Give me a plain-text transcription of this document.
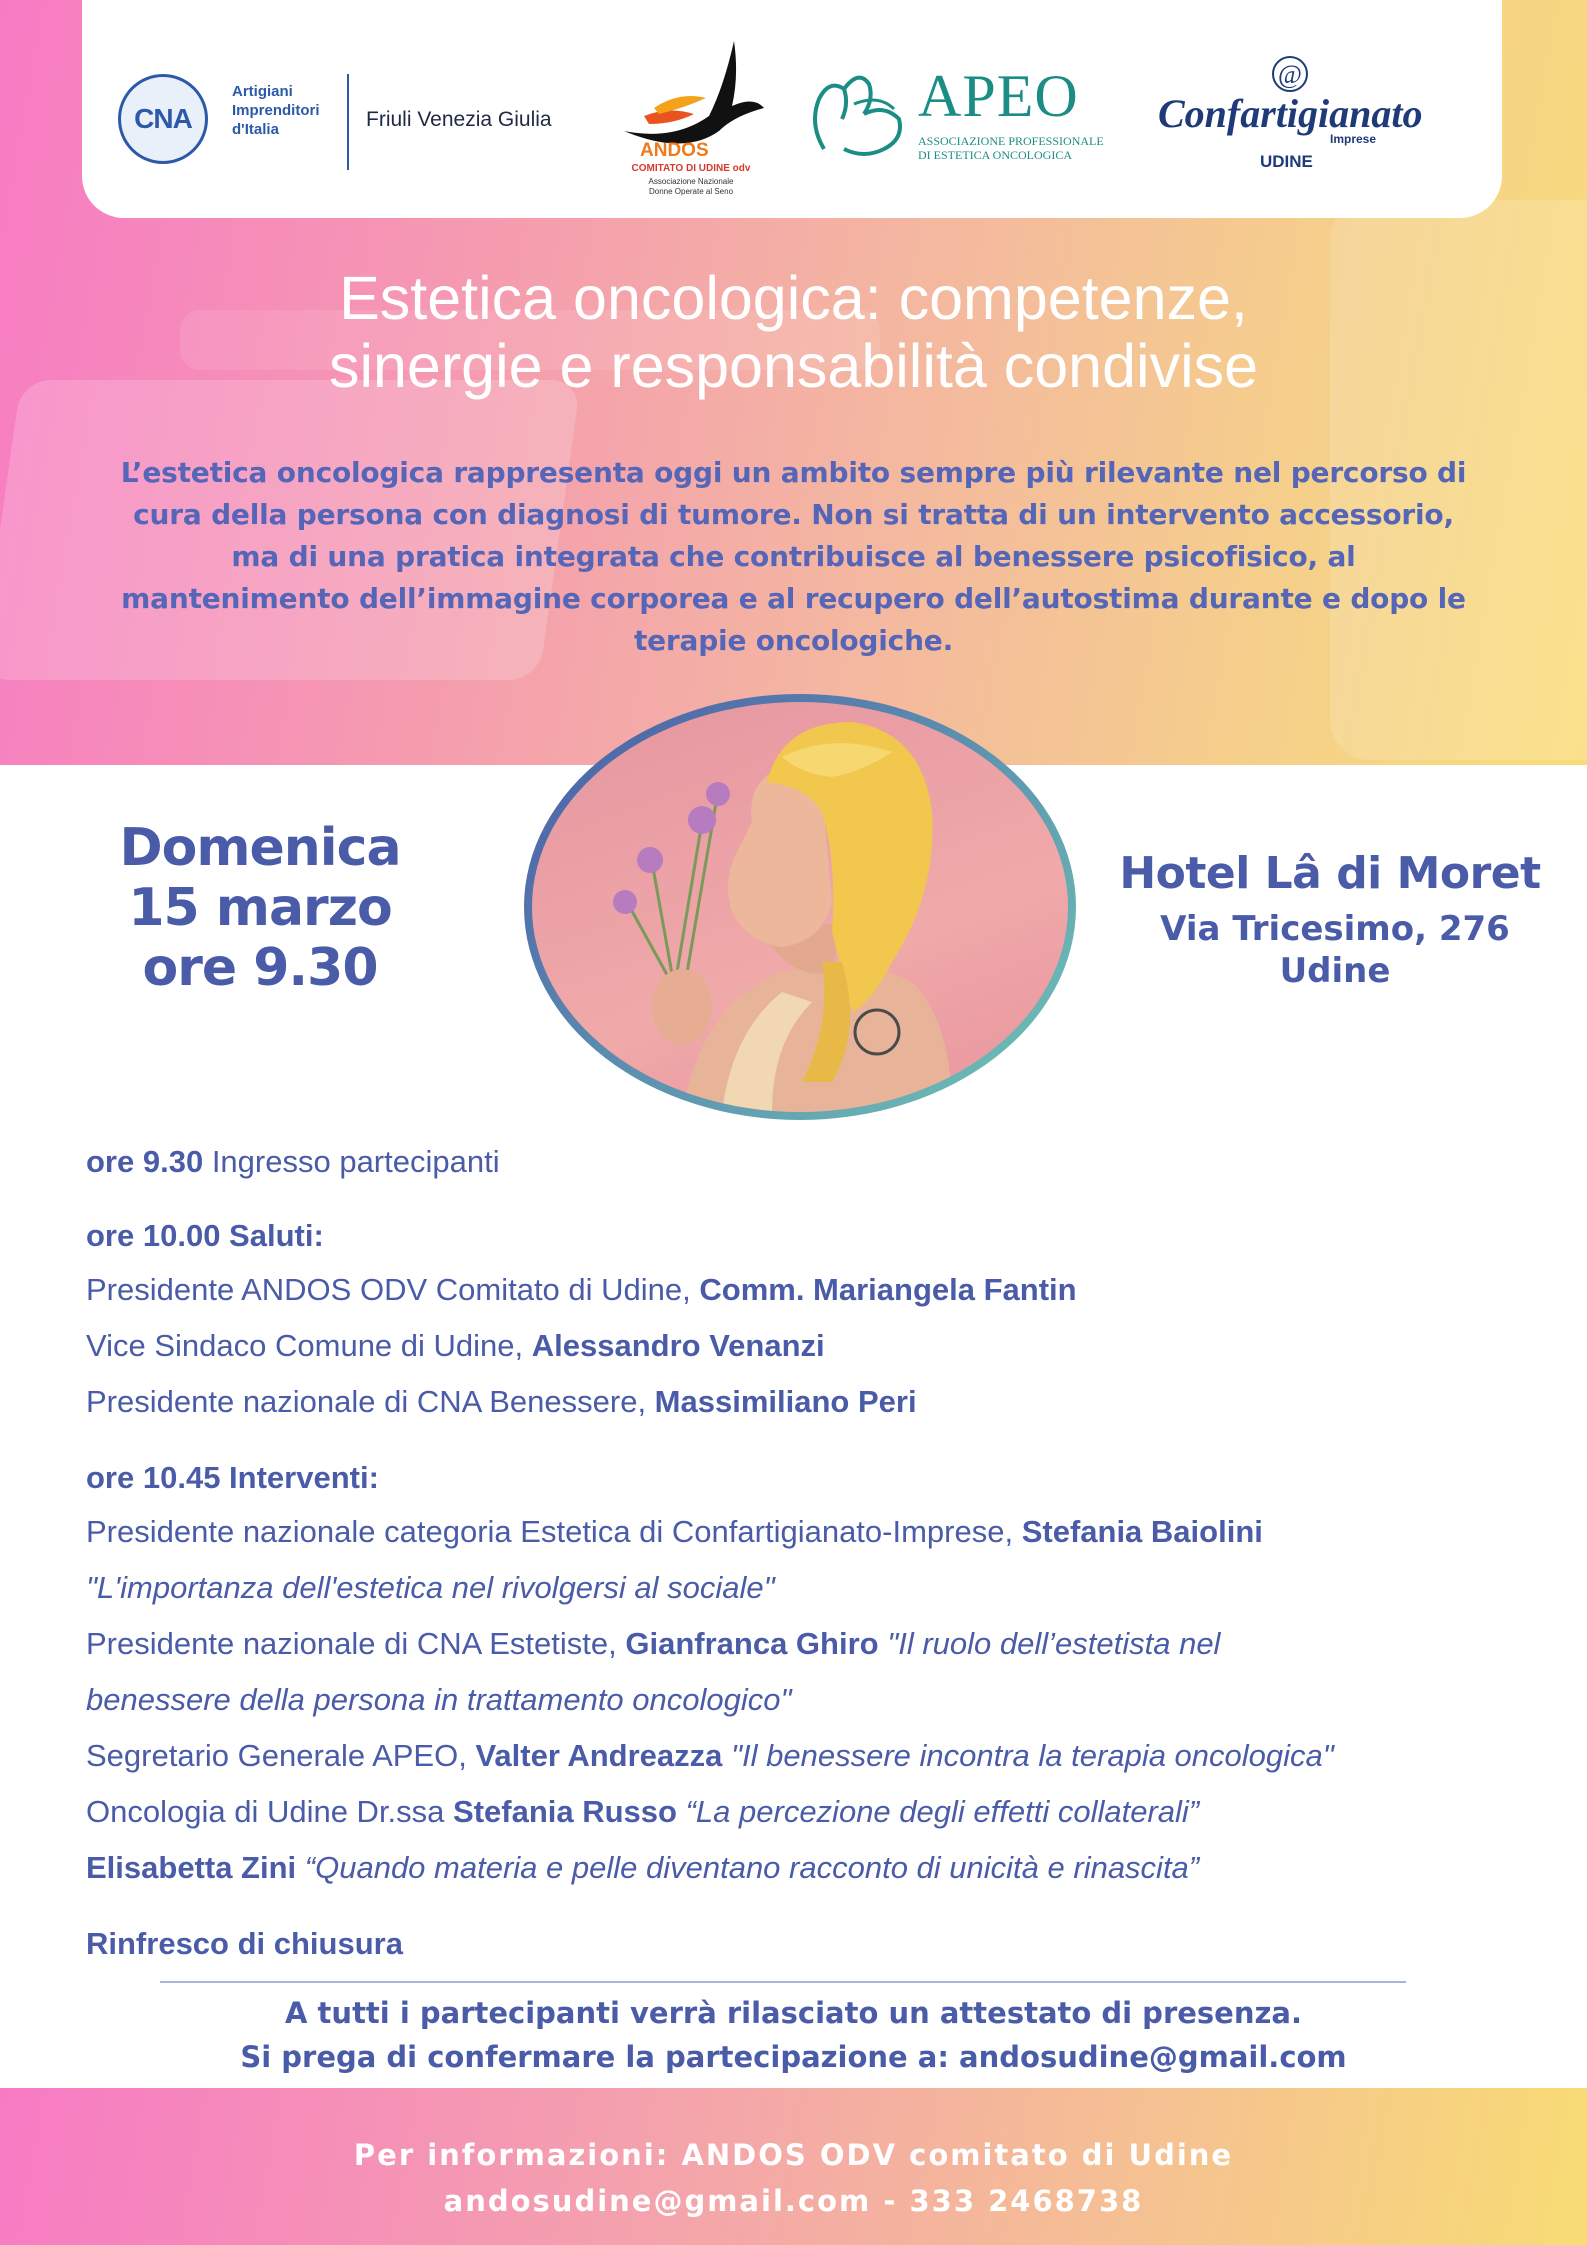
CNA
Artigiani
Imprenditori
d'Italia	Friuli Venezia Giulia
ANDOS
COMITATO DI UDINE odv
Associazione Nazionale
Donne Operate al Seno
APEO
ASSOCIAZIONE PROFESSIONALE
DI ESTETICA ONCOLOGICA
@
Confartigianato
Imprese
UDINE
Estetica oncologica: competenze,
sinergie e responsabilità condivise
L’estetica oncologica rappresenta oggi un ambito sempre più rilevante nel percorso di cura della persona con diagnosi di tumore. Non si tratta di un intervento accessorio, ma di una pratica integrata che contribuisce al benessere psicofisico, al mantenimento dell’immagine corporea e al recupero dell’autostima durante e dopo le terapie oncologiche.
Domenica
15 marzo
ore 9.30
Hotel Lâ di Moret
Via Tricesimo, 276
Udine
ore 9.30 Ingresso partecipanti
ore 10.00 Saluti:
Presidente ANDOS ODV Comitato di Udine, Comm. Mariangela Fantin
Vice Sindaco Comune di Udine, Alessandro Venanzi
Presidente nazionale di CNA Benessere, Massimiliano Peri
ore 10.45 Interventi:
Presidente nazionale categoria Estetica di Confartigianato-Imprese, Stefania Baiolini
"L'importanza dell'estetica nel rivolgersi al sociale"
Presidente nazionale di CNA Estetiste, Gianfranca Ghiro "Il ruolo dell’estetista nel
benessere della persona in trattamento oncologico"
Segretario Generale APEO, Valter Andreazza "Il benessere incontra la terapia oncologica"
Oncologia di Udine Dr.ssa Stefania Russo “La percezione degli effetti collaterali”
Elisabetta Zini “Quando materia e pelle diventano racconto di unicità e rinascita”
Rinfresco di chiusura
A tutti i partecipanti verrà rilasciato un attestato di presenza.
Si prega di confermare la partecipazione a: andosudine@gmail.com
Per informazioni: ANDOS ODV comitato di Udine
andosudine@gmail.com - 333 2468738
